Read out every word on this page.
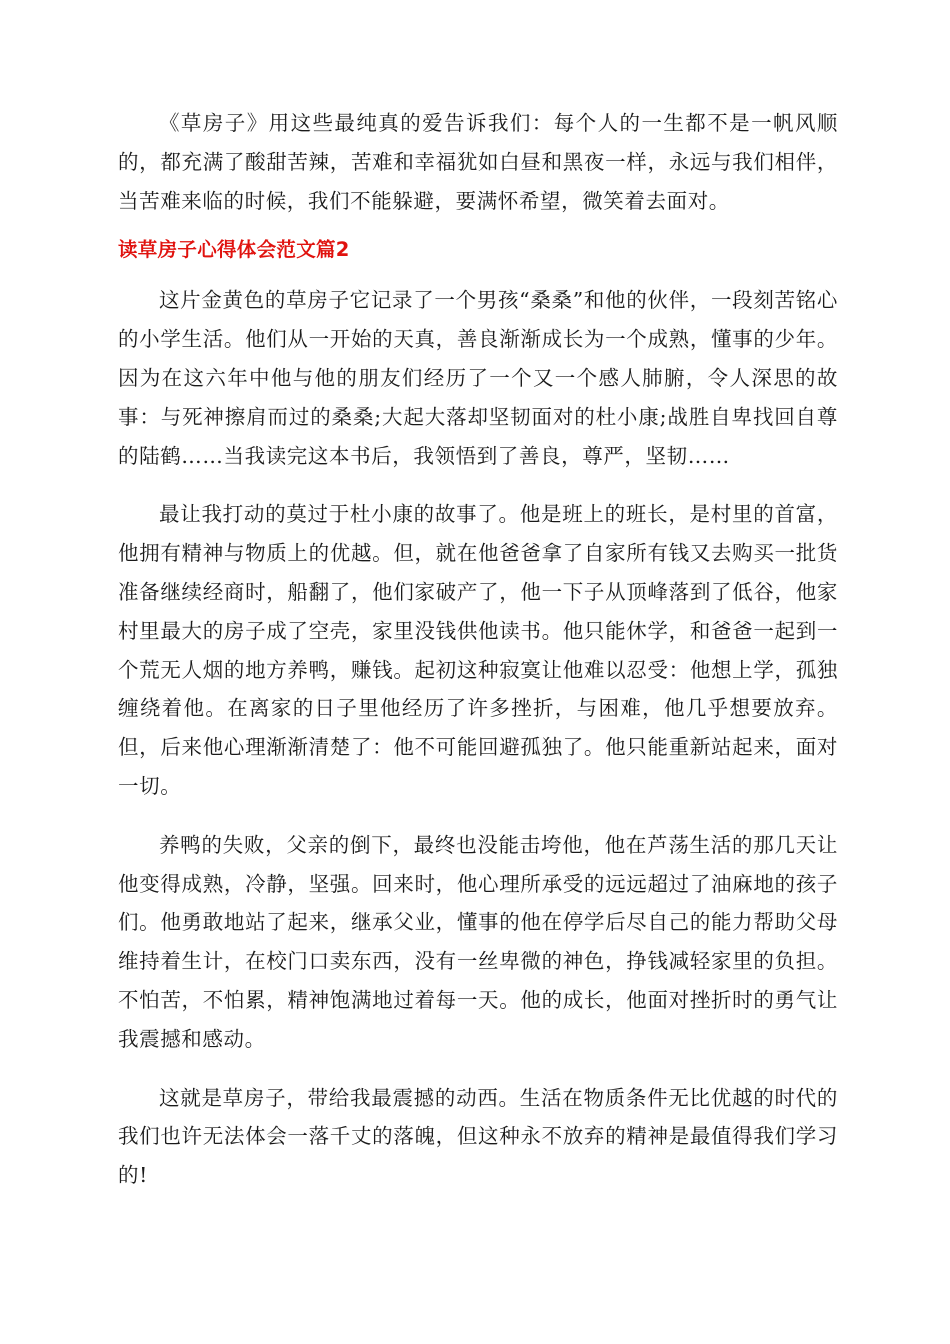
《草房子》用这些最纯真的爱告诉我们：每个人的一生都不是一帆风顺的，都充满了酸甜苦辣，苦难和幸福犹如白昼和黑夜一样，永远与我们相伴，当苦难来临的时候，我们不能躲避，要满怀希望，微笑着去面对。

读草房子心得体会范文篇2

这片金黄色的草房子它记录了一个男孩“桑桑”和他的伙伴，一段刻苦铭心的小学生活。他们从一开始的天真，善良渐渐成长为一个成熟，懂事的少年。因为在这六年中他与他的朋友们经历了一个又一个感人肺腑，令人深思的故事：与死神擦肩而过的桑桑;大起大落却坚韧面对的杜小康;战胜自卑找回自尊的陆鹤……当我读完这本书后，我领悟到了善良，尊严，坚韧……

最让我打动的莫过于杜小康的故事了。他是班上的班长，是村里的首富，他拥有精神与物质上的优越。但，就在他爸爸拿了自家所有钱又去购买一批货准备继续经商时，船翻了，他们家破产了，他一下子从顶峰落到了低谷，他家村里最大的房子成了空壳，家里没钱供他读书。他只能休学，和爸爸一起到一个荒无人烟的地方养鸭，赚钱。起初这种寂寞让他难以忍受：他想上学，孤独缠绕着他。在离家的日子里他经历了许多挫折，与困难，他几乎想要放弃。但，后来他心理渐渐清楚了：他不可能回避孤独了。他只能重新站起来，面对一切。

养鸭的失败，父亲的倒下，最终也没能击垮他，他在芦荡生活的那几天让他变得成熟，冷静，坚强。回来时，他心理所承受的远远超过了油麻地的孩子们。他勇敢地站了起来，继承父业，懂事的他在停学后尽自己的能力帮助父母维持着生计，在校门口卖东西，没有一丝卑微的神色，挣钱减轻家里的负担。不怕苦，不怕累，精神饱满地过着每一天。他的成长，他面对挫折时的勇气让我震撼和感动。

这就是草房子，带给我最震撼的动西。生活在物质条件无比优越的时代的我们也许无法体会一落千丈的落魄，但这种永不放弃的精神是最值得我们学习的!
